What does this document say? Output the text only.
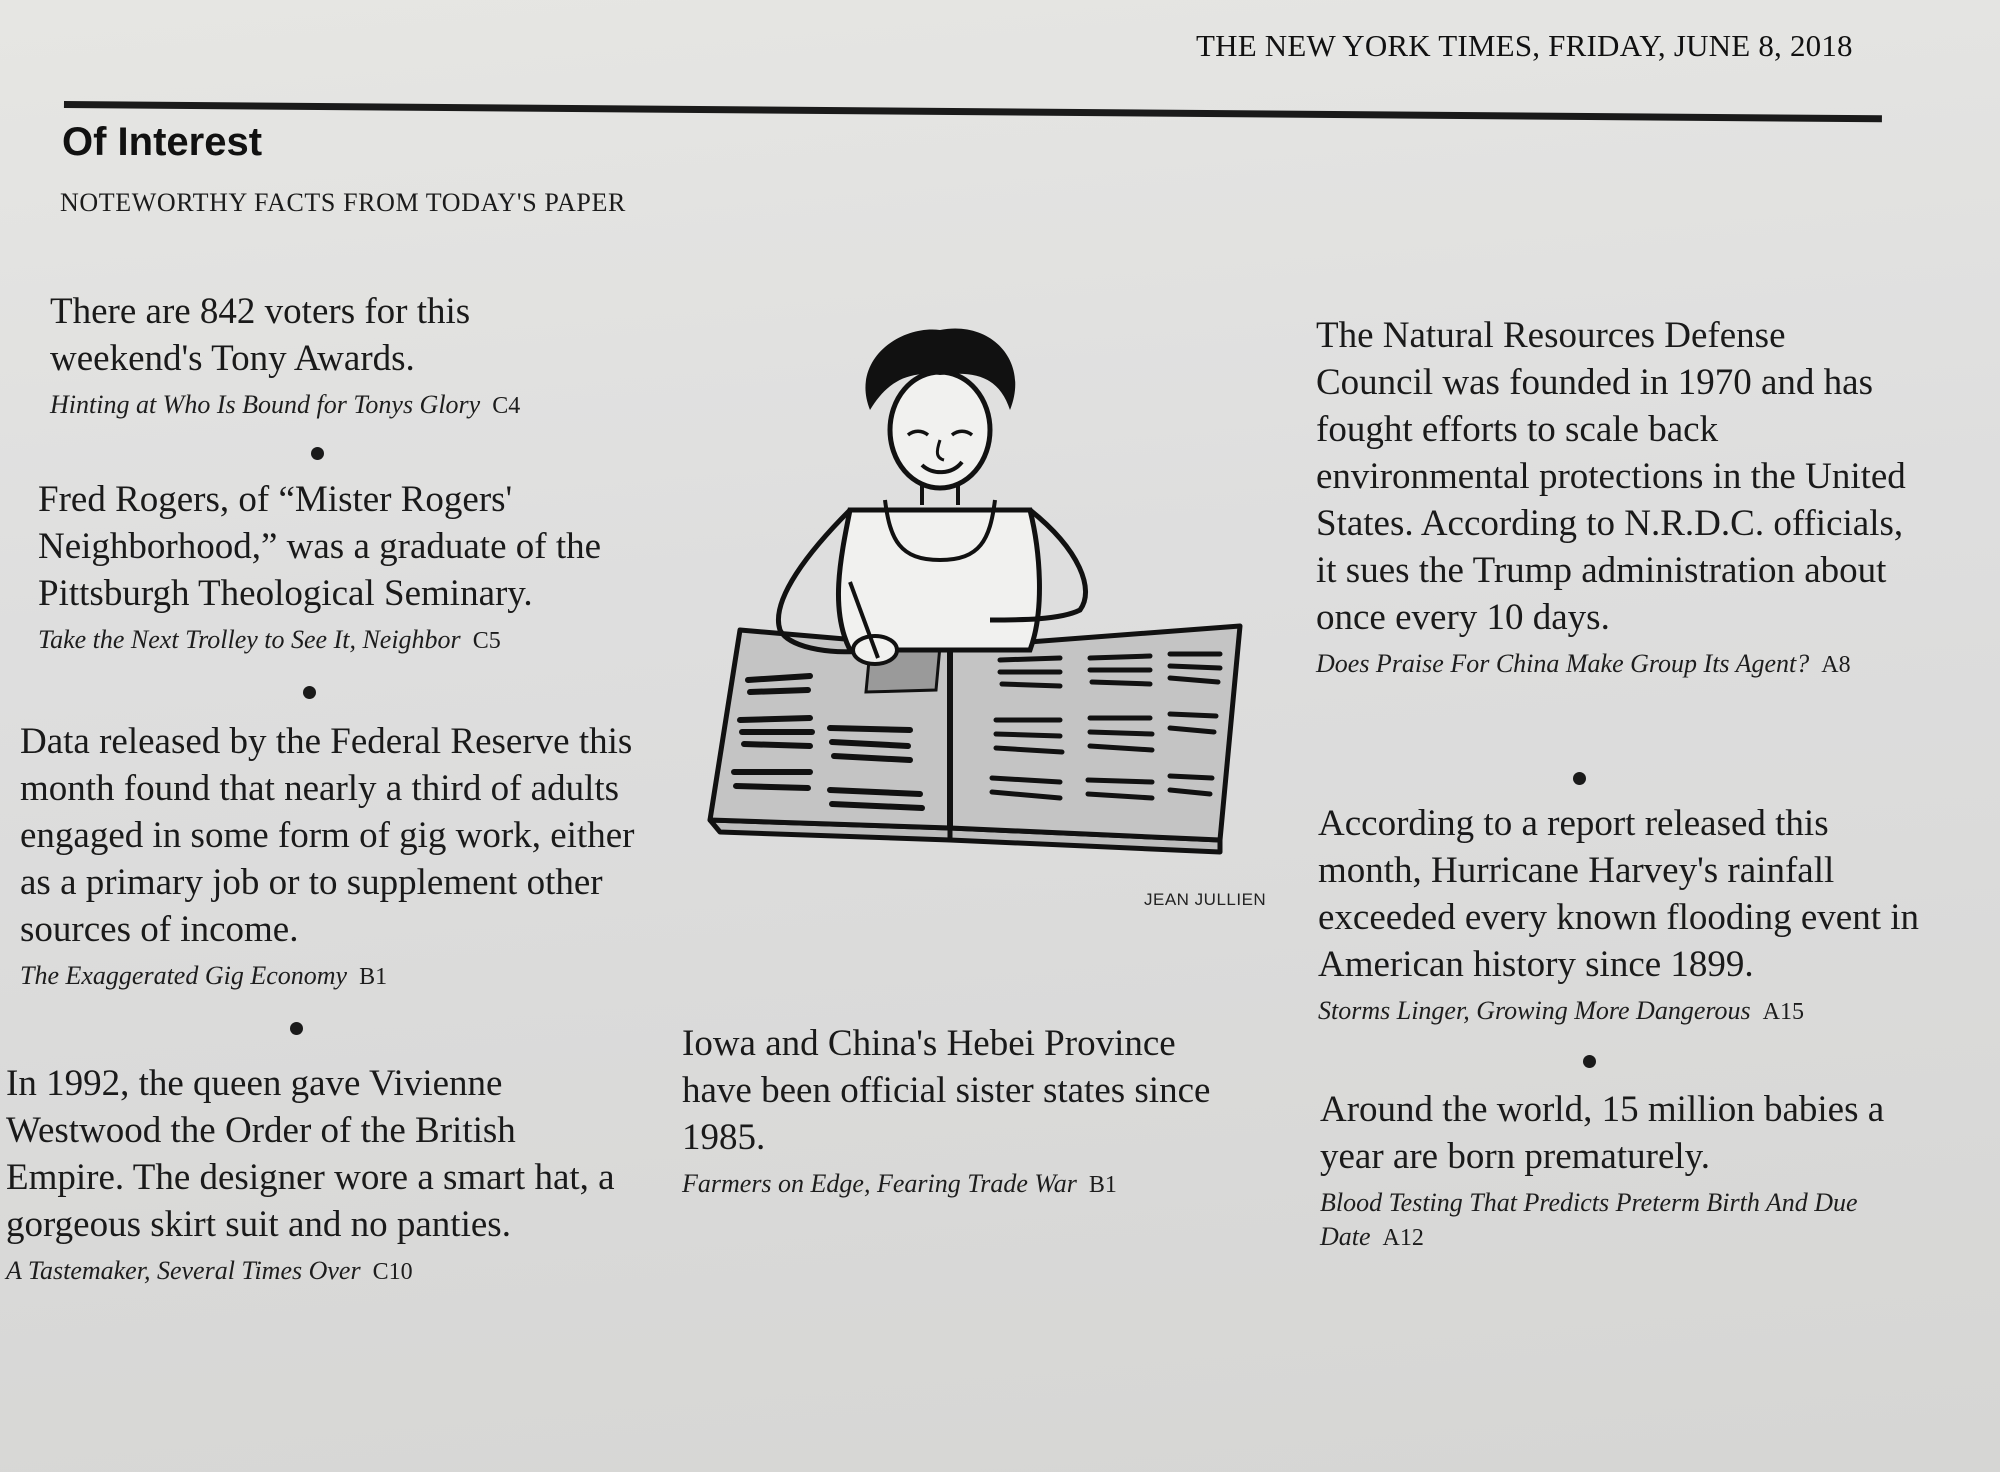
THE NEW YORK TIMES, FRIDAY, JUNE 8, 2018
Of Interest
NOTEWORTHY FACTS FROM TODAY'S PAPER

There are 842 voters for this weekend's Tony Awards.

Hinting at Who Is Bound for Tonys Glory C4

Fred Rogers, of “Mister Rogers' Neighborhood,” was a graduate of the Pittsburgh Theological Seminary.

Take the Next Trolley to See It, Neighbor C5

Data released by the Federal Reserve this month found that nearly a third of adults engaged in some form of gig work, either as a primary job or to supplement other sources of income.

The Exaggerated Gig Economy B1

In 1992, the queen gave Vivienne Westwood the Order of the British Empire. The designer wore a smart hat, a gorgeous skirt suit and no panties.

A Tastemaker, Several Times Over C10

Iowa and China's Hebei Province have been official sister states since 1985.

Farmers on Edge, Fearing Trade War B1

JEAN JULLIEN

The Natural Resources Defense Council was founded in 1970 and has fought efforts to scale back environmental protections in the United States. According to N.R.D.C. officials, it sues the Trump administration about once every 10 days.

Does Praise For China Make Group Its Agent? A8

According to a report released this month, Hurricane Harvey's rainfall exceeded every known flooding event in American history since 1899.

Storms Linger, Growing More Dangerous A15

Around the world, 15 million babies a year are born prematurely.

Blood Testing That Predicts Preterm Birth And Due Date A12
